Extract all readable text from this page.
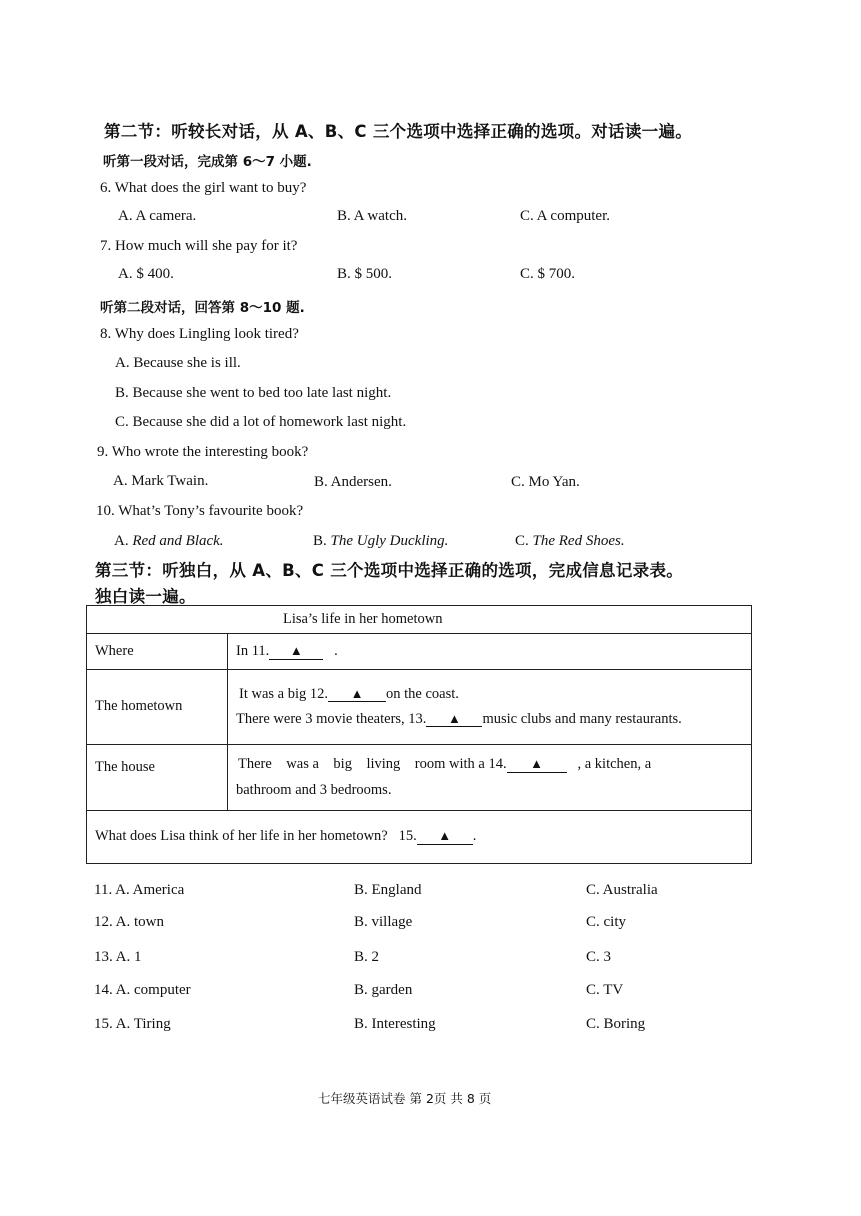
第二节：听较长对话，从 A、B、C 三个选项中选择正确的选项。对话读一遍。
听第一段对话，完成第 6～7 小题.
6. What does the girl want to buy?
A. A camera.	B. A watch.	C. A computer.
7. How much will she pay for it?
A. $ 400.	B. $ 500.	C. $ 700.
听第二段对话，回答第 8～10 题.
8. Why does Lingling look tired?
A. Because she is ill.
B. Because she went to bed too late last night.
C. Because she did a lot of homework last night.
9. Who wrote the interesting book?
A. Mark Twain.	B. Andersen.	C. Mo Yan.
10. What’s Tony’s favourite book?
A. Red and Black.	B. The Ugly Duckling.	C. The Red Shoes.
第三节：听独白，从 A、B、C 三个选项中选择正确的选项，完成信息记录表。
独白读一遍。
Lisa’s life in her hometown	
Where	In 11. ▲ .
The hometown	It was a big 12. ▲ on the coast.
There were 3 movie theaters, 13. ▲ music clubs and many restaurants.

The house	There    was a    big    living    room with a 14. ▲ , a kitchen, a
bathroom and 3 bedrooms.

What does Lisa think of her life in her hometown? 15. ▲ .	
11. A. America	B. England	C. Australia
12. A. town	B. village	C. city
13. A. 1	B. 2	C. 3
14. A. computer	B. garden	C. TV
15. A. Tiring	B. Interesting	C. Boring
七年级英语试卷 第 2页 共 8 页
